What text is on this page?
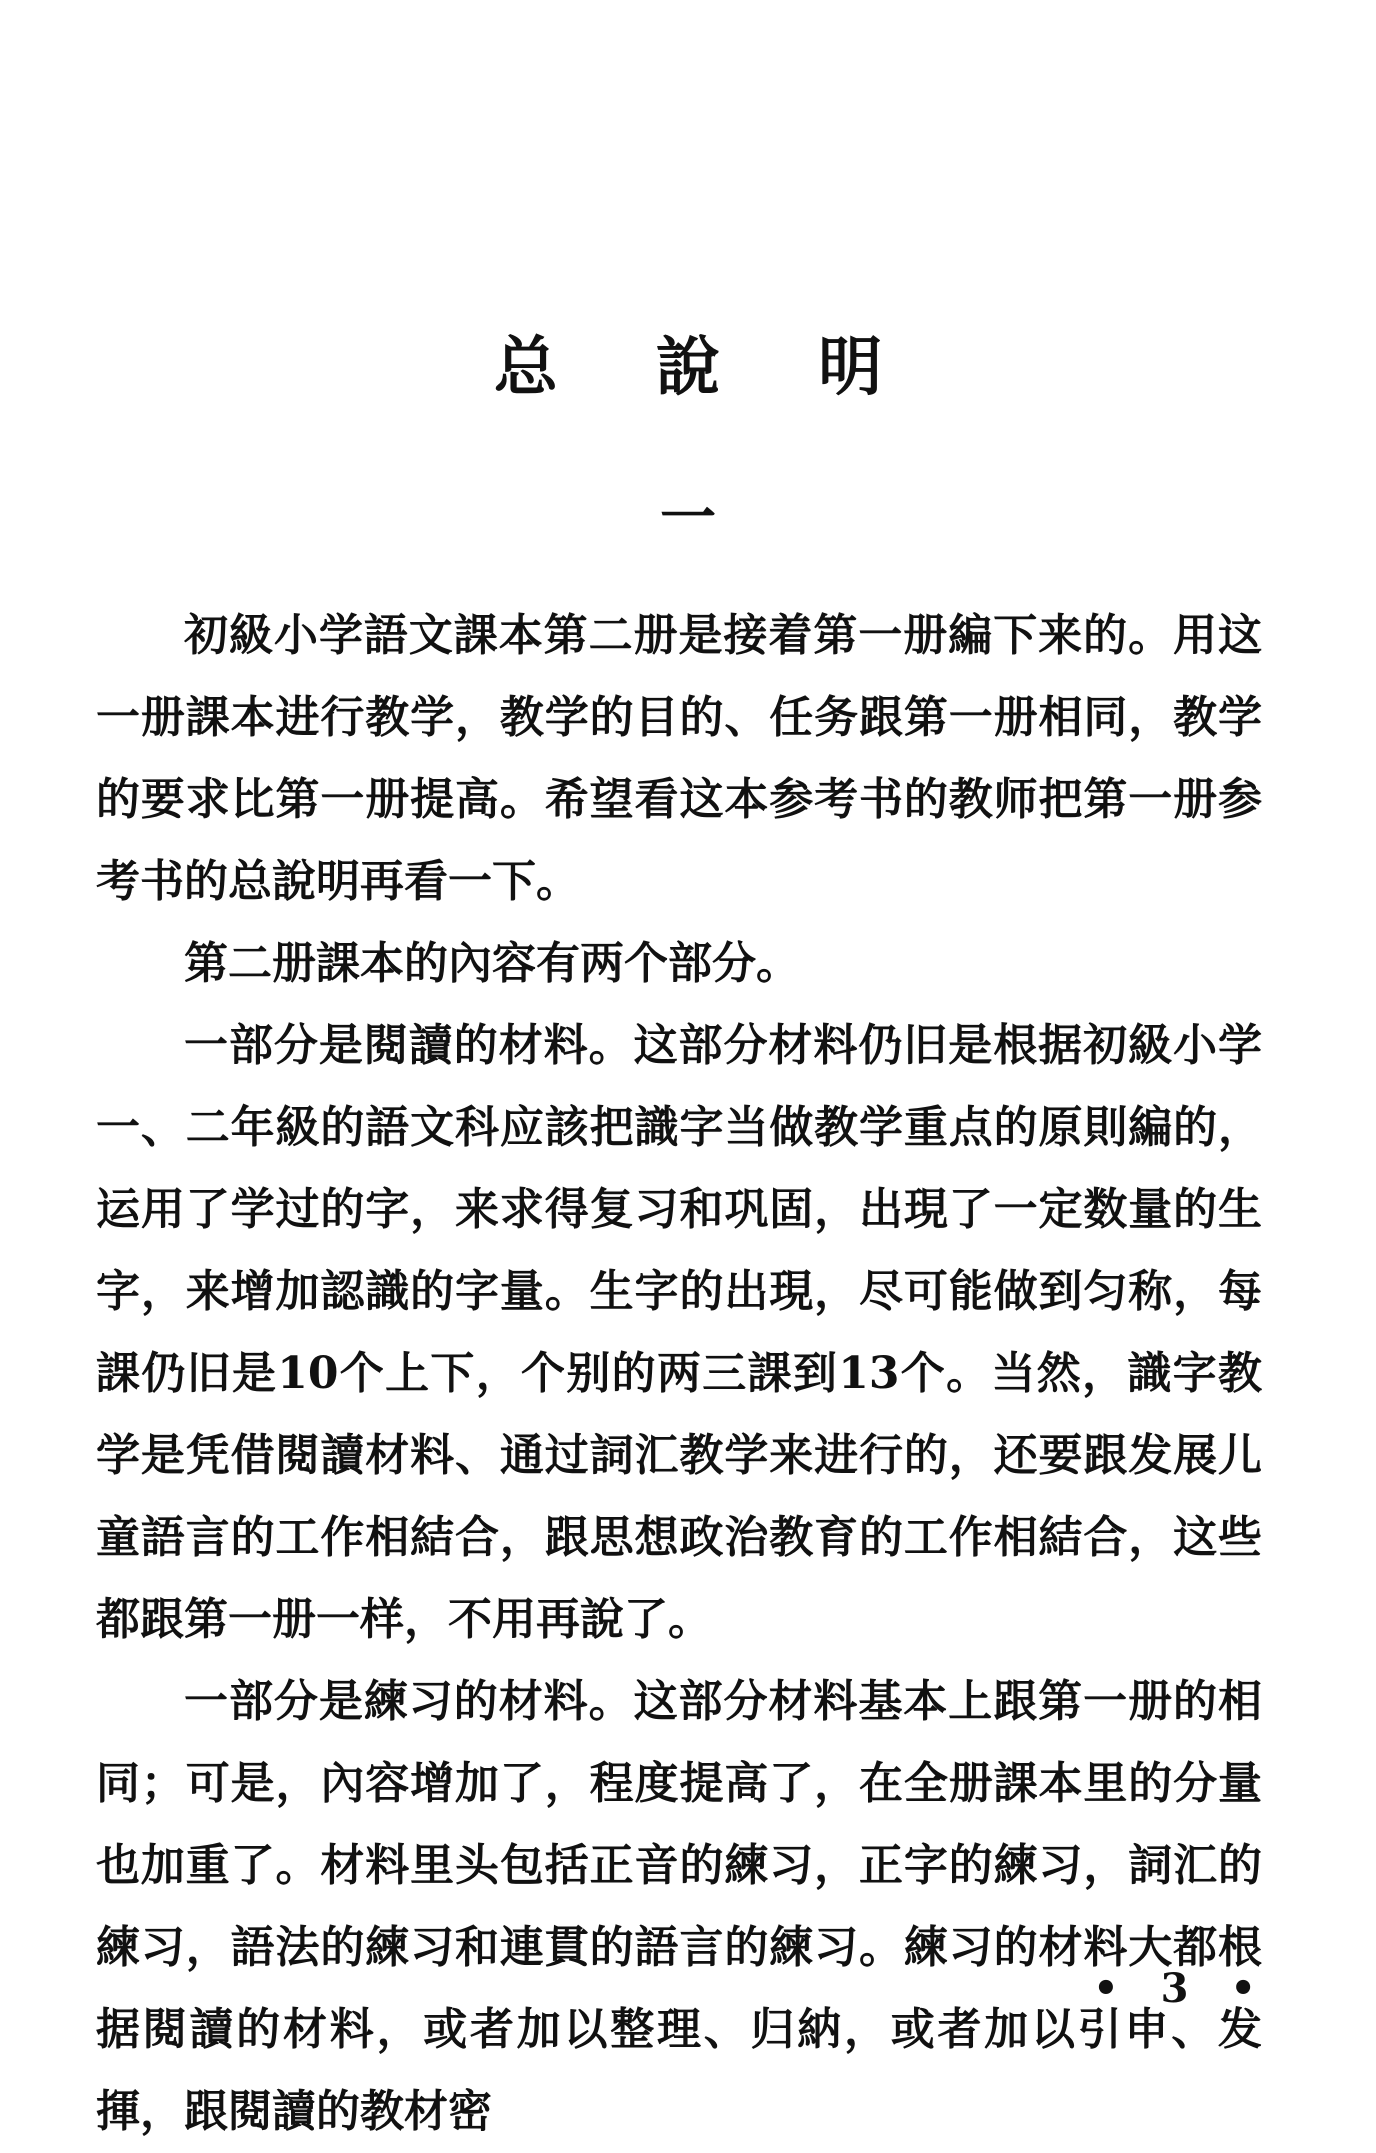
总 說 明
一

初級小学語文課本第二册是接着第一册編下来的。用这一册課本进行教学，教学的目的、任务跟第一册相同，教学的要求比第一册提高。希望看这本参考书的教师把第一册参考书的总說明再看一下。

第二册課本的內容有两个部分。

一部分是閱讀的材料。这部分材料仍旧是根据初級小学一、二年級的語文科应該把識字当做教学重点的原則編的，运用了学过的字，来求得复习和巩固，出現了一定数量的生字，来增加認識的字量。生字的出現，尽可能做到匀称，每課仍旧是10个上下，个别的两三課到13个。当然，識字教学是凭借閱讀材料、通过詞汇教学来进行的，还要跟发展儿童語言的工作相結合，跟思想政治教育的工作相結合，这些都跟第一册一样，不用再說了。

一部分是練习的材料。这部分材料基本上跟第一册的相同；可是，內容增加了，程度提高了，在全册課本里的分量也加重了。材料里头包括正音的練习，正字的練习，詞汇的練习，語法的練习和連貫的語言的練习。練习的材料大都根据閱讀的材料，或者加以整理、归納，或者加以引申、发揮，跟閱讀的教材密

• 3 •
